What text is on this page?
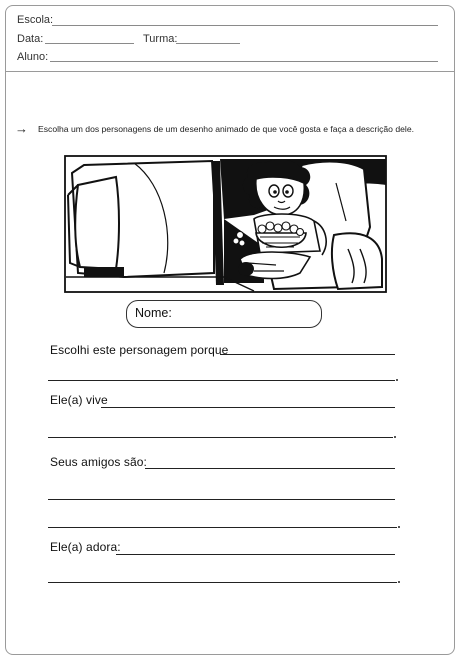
Escola:
Data:	Turma:
Aluno:
→ Escolha um dos personagens de um desenho animado de que você gosta e faça a descrição dele.
Nome:
Escolhi este personagem porque
Ele(a) vive
Seus amigos são:
Ele(a) adora:
